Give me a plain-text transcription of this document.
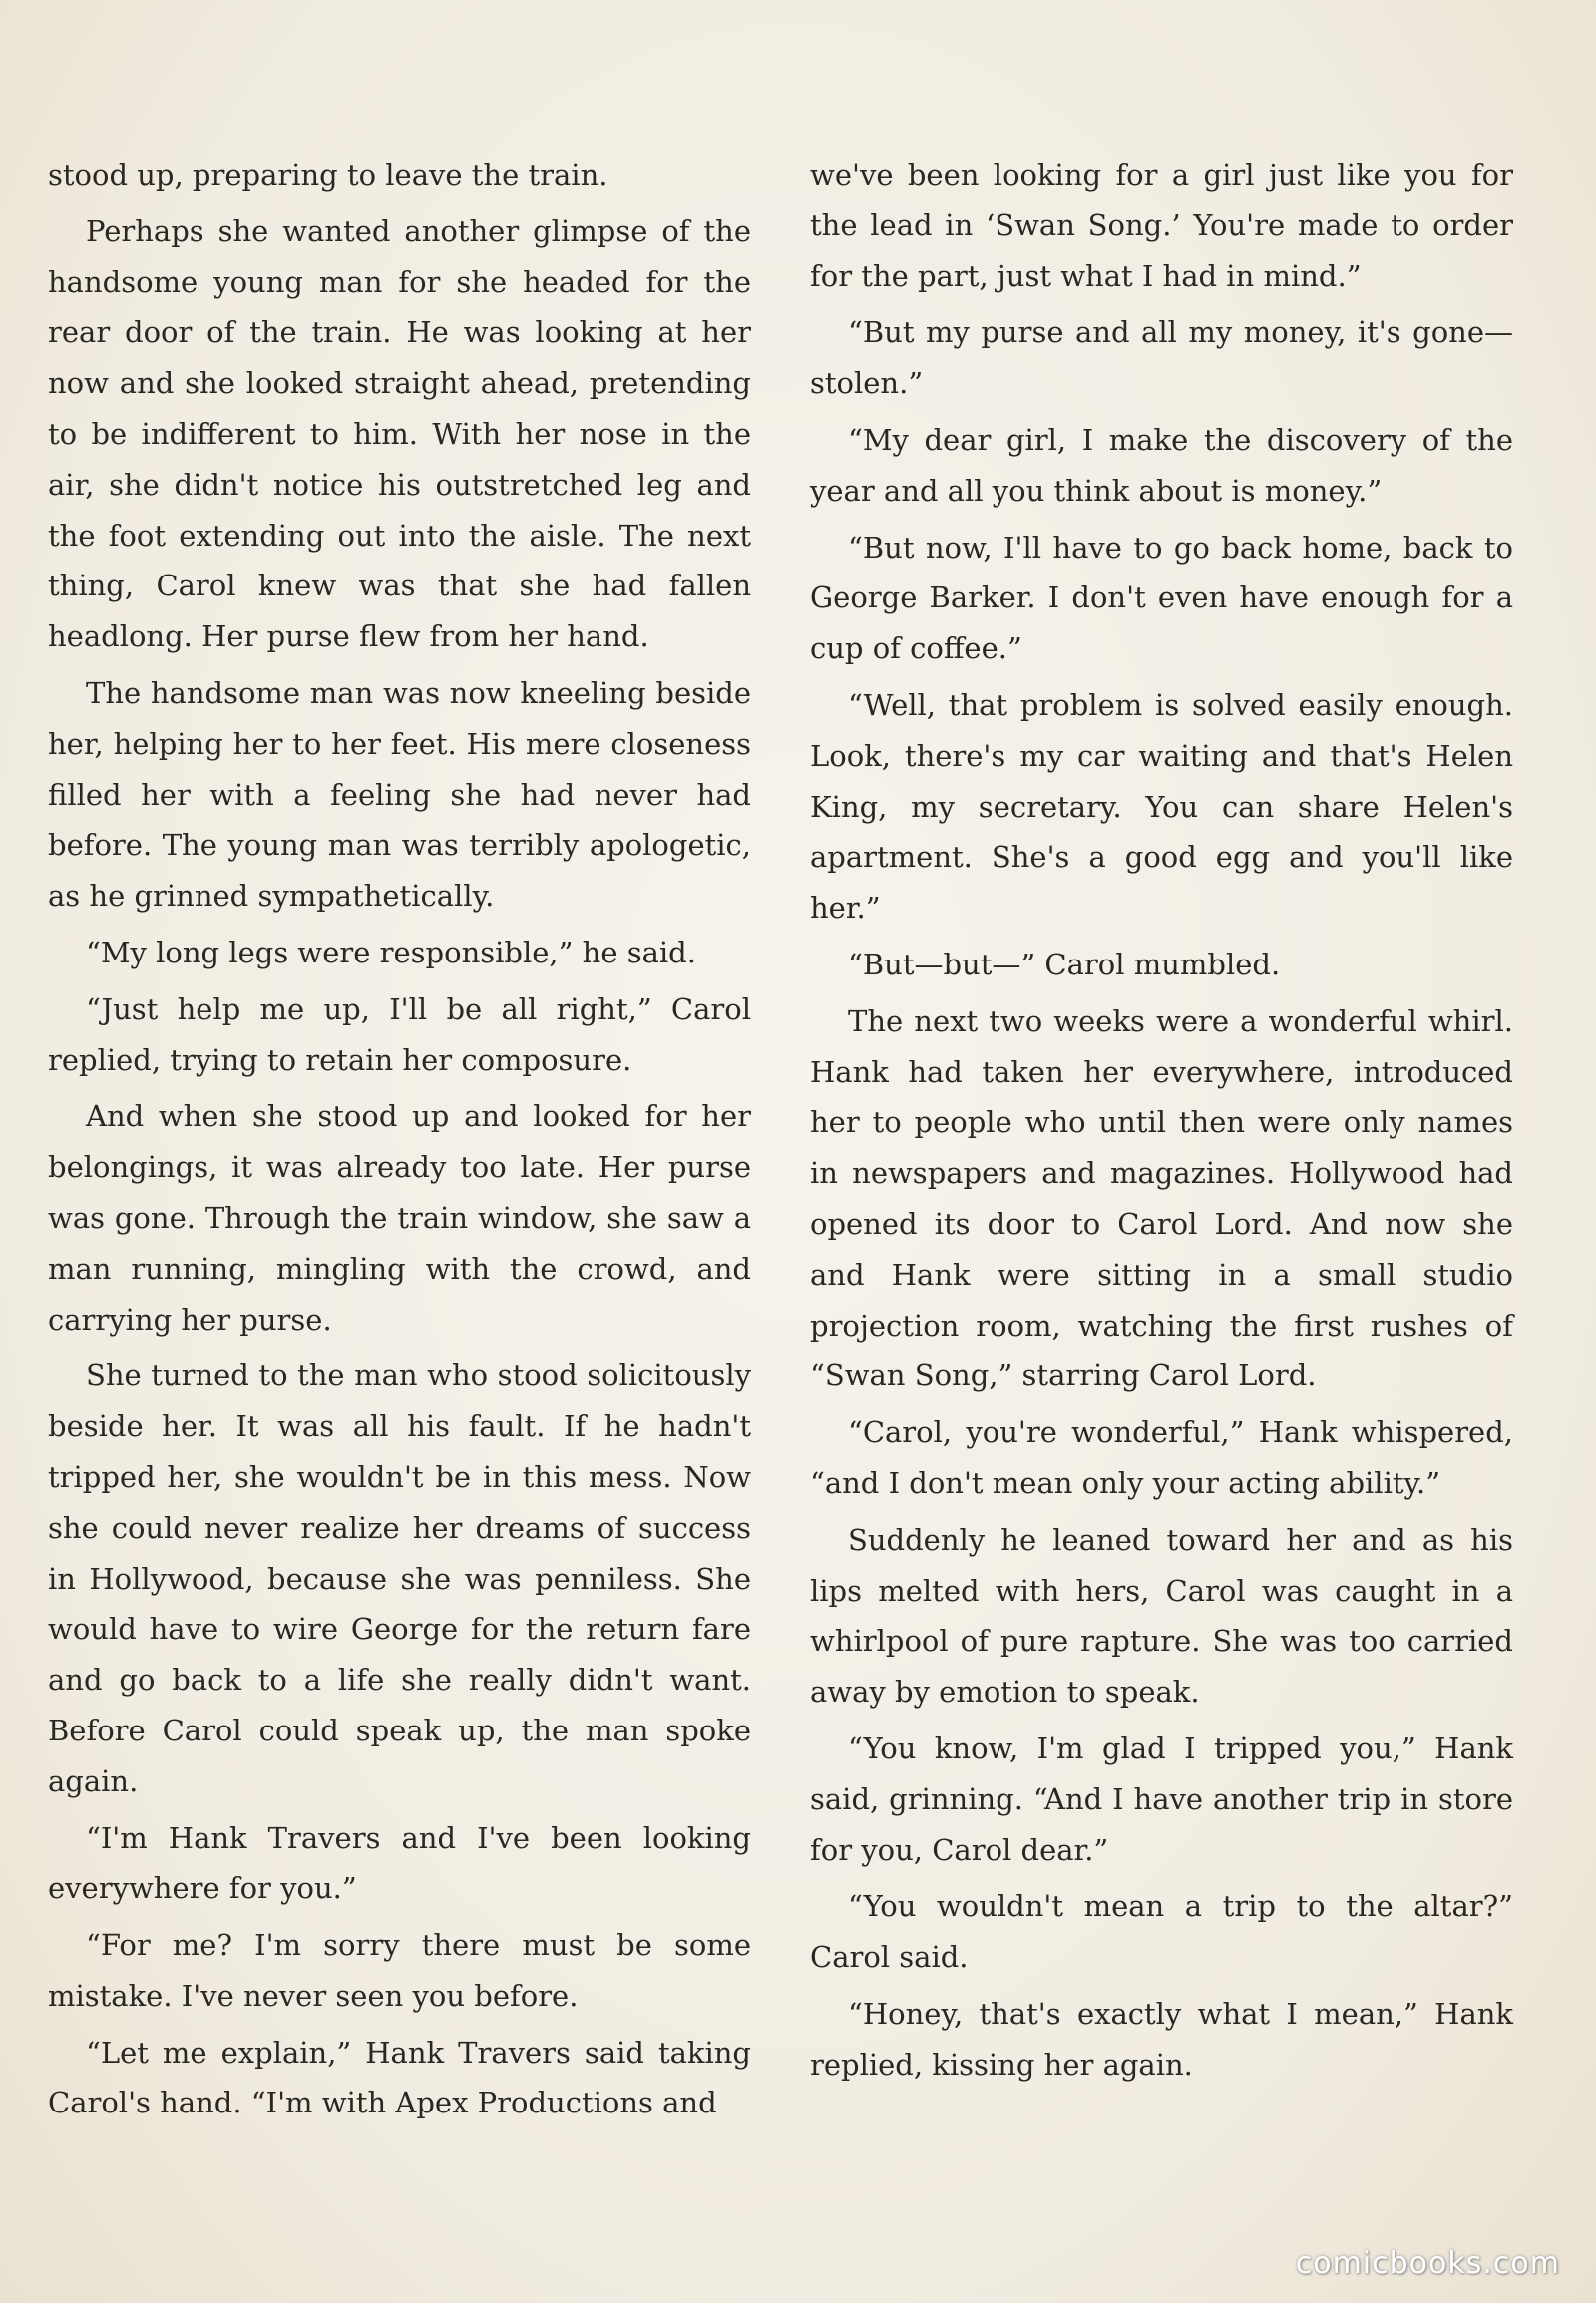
stood up, preparing to leave the train.

Perhaps she wanted another glimpse of the handsome young man for she headed for the rear door of the train. He was looking at her now and she looked straight ahead, pretending to be indifferent to him. With her nose in the air, she didn't notice his outstretched leg and the foot extending out into the aisle. The next thing, Carol knew was that she had fallen headlong. Her purse flew from her hand.

The handsome man was now kneeling beside her, helping her to her feet. His mere closeness filled her with a feeling she had never had before. The young man was terribly apologetic, as he grinned sympathetically.

“My long legs were responsible,” he said.

“Just help me up, I'll be all right,” Carol replied, trying to retain her composure.

And when she stood up and looked for her belongings, it was already too late. Her purse was gone. Through the train window, she saw a man running, mingling with the crowd, and carrying her purse.

She turned to the man who stood solicitously beside her. It was all his fault. If he hadn't tripped her, she wouldn't be in this mess. Now she could never realize her dreams of success in Hollywood, because she was penniless. She would have to wire George for the return fare and go back to a life she really didn't want. Before Carol could speak up, the man spoke again.

“I'm Hank Travers and I've been looking everywhere for you.”

“For me? I'm sorry there must be some mistake. I've never seen you before.

“Let me explain,” Hank Travers said taking Carol's hand. “I'm with Apex Productions and

we've been looking for a girl just like you for the lead in ‘Swan Song.’ You're made to order for the part, just what I had in mind.”

“But my purse and all my money, it's gone—stolen.”

“My dear girl, I make the discovery of the year and all you think about is money.”

“But now, I'll have to go back home, back to George Barker. I don't even have enough for a cup of coffee.”

“Well, that problem is solved easily enough. Look, there's my car waiting and that's Helen King, my secretary. You can share Helen's apartment. She's a good egg and you'll like her.”

“But—but—” Carol mumbled.

The next two weeks were a wonderful whirl. Hank had taken her everywhere, introduced her to people who until then were only names in newspapers and magazines. Hollywood had opened its door to Carol Lord. And now she and Hank were sitting in a small studio projection room, watching the first rushes of “Swan Song,” starring Carol Lord.

“Carol, you're wonderful,” Hank whispered, “and I don't mean only your acting ability.”

Suddenly he leaned toward her and as his lips melted with hers, Carol was caught in a whirlpool of pure rapture. She was too carried away by emotion to speak.

“You know, I'm glad I tripped you,” Hank said, grinning. “And I have another trip in store for you, Carol dear.”

“You wouldn't mean a trip to the altar?” Carol said.

“Honey, that's exactly what I mean,” Hank replied, kissing her again.

comicbooks.com
